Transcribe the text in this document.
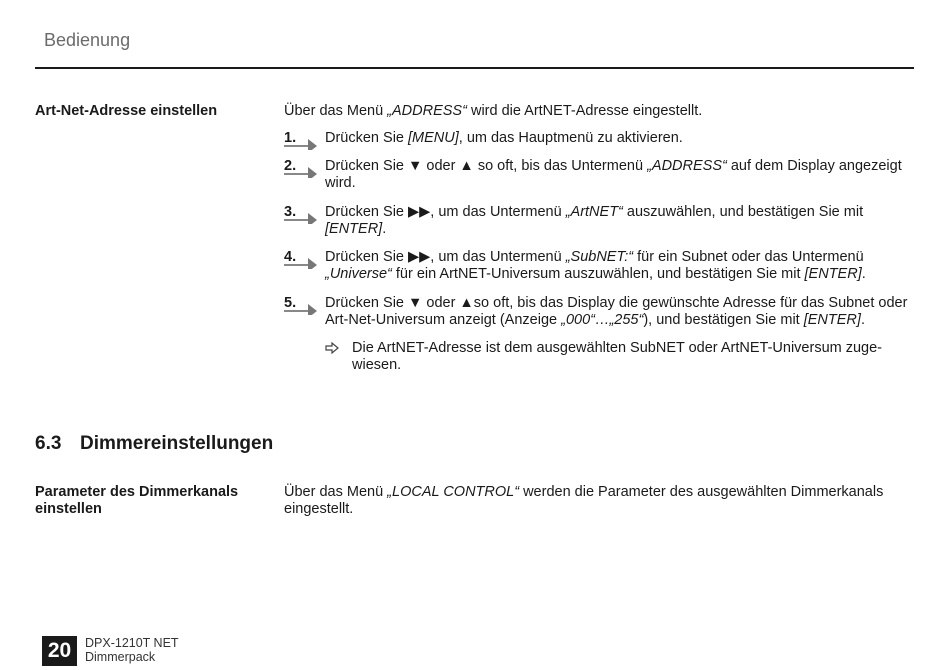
Bedienung
Art-Net-Adresse einstellen	Über das Menü „ADDRESS“ wird die ArtNET-Adresse eingestellt.
1. Drücken Sie [MENU], um das Hauptmenü zu aktivieren.
2. Drücken Sie ▼ oder ▲ so oft, bis das Untermenü „ADDRESS“ auf dem Display angezeigt wird.
3. Drücken Sie ▶▶, um das Untermenü „ArtNET“ auszuwählen, und bestätigen Sie mit [ENTER].
4. Drücken Sie ▶▶, um das Untermenü „SubNET:“ für ein Subnet oder das Untermenü „Universe“ für ein ArtNET-Universum auszuwählen, und bestätigen Sie mit [ENTER].
5. Drücken Sie ▼ oder ▲so oft, bis das Display die gewünschte Adresse für das Subnet oder Art-Net-Universum anzeigt (Anzeige „000“…„255“), und bestätigen Sie mit [ENTER].
Die ArtNET-Adresse ist dem ausgewählten SubNET oder ArtNET-Universum zuge-wiesen.
6.3 Dimmereinstellungen
Parameter des Dimmerkanals einstellen
Über das Menü „LOCAL CONTROL“ werden die Parameter des ausgewählten Dimmerkanals eingestellt.
20	DPX-1210T NET
Dimmerpack
